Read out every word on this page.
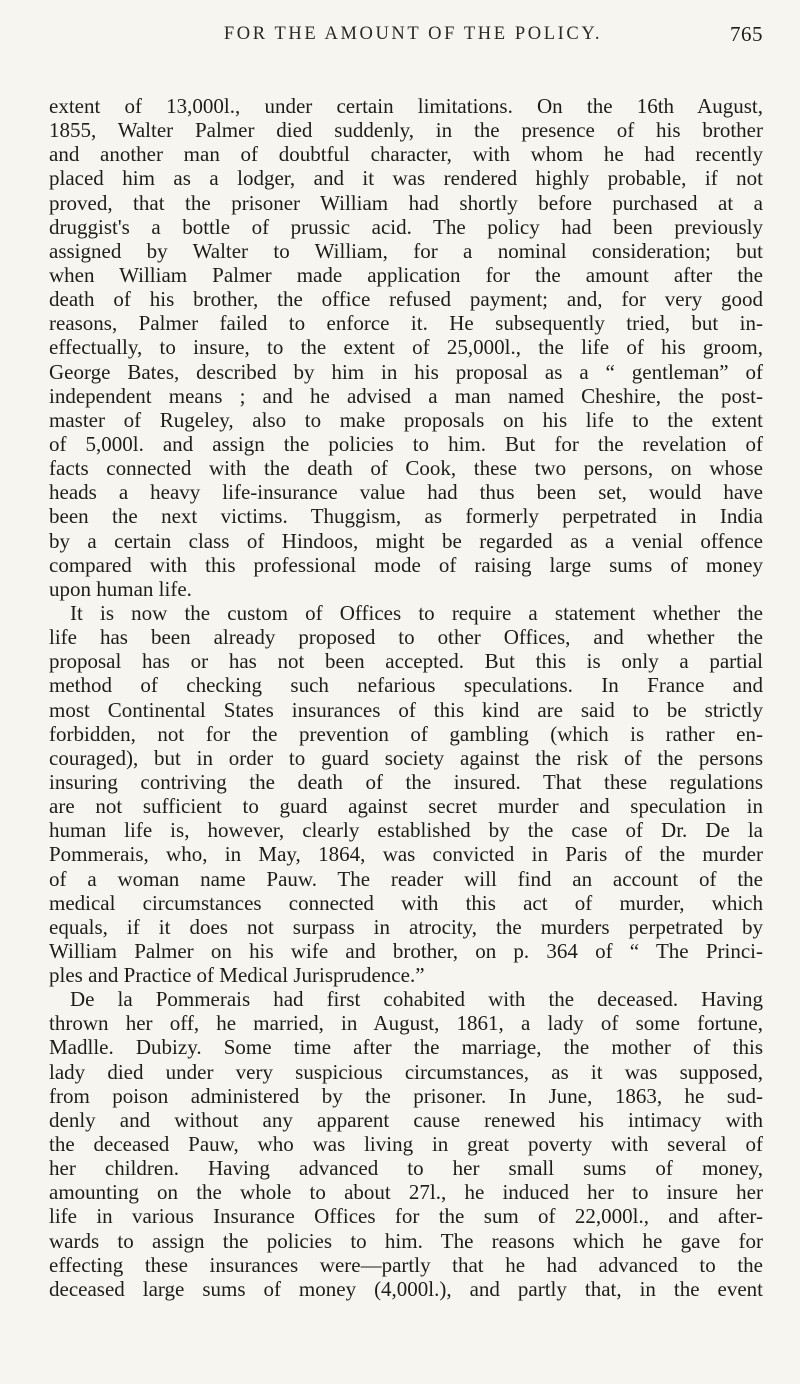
FOR THE AMOUNT OF THE POLICY.	765
extent of 13,000l., under certain limitations. On the 16th August,
1855, Walter Palmer died suddenly, in the presence of his brother
and another man of doubtful character, with whom he had recently
placed him as a lodger, and it was rendered highly probable, if not
proved, that the prisoner William had shortly before purchased at a
druggist's a bottle of prussic acid. The policy had been previously
assigned by Walter to William, for a nominal consideration; but
when William Palmer made application for the amount after the
death of his brother, the office refused payment; and, for very good
reasons, Palmer failed to enforce it. He subsequently tried, but in-
effectually, to insure, to the extent of 25,000l., the life of his groom,
George Bates, described by him in his proposal as a “ gentleman” of
independent means ; and he advised a man named Cheshire, the post-
master of Rugeley, also to make proposals on his life to the extent
of 5,000l. and assign the policies to him. But for the revelation of
facts connected with the death of Cook, these two persons, on whose
heads a heavy life-insurance value had thus been set, would have
been the next victims. Thuggism, as formerly perpetrated in India
by a certain class of Hindoos, might be regarded as a venial offence
compared with this professional mode of raising large sums of money
upon human life.
It is now the custom of Offices to require a statement whether the
life has been already proposed to other Offices, and whether the
proposal has or has not been accepted. But this is only a partial
method of checking such nefarious speculations. In France and
most Continental States insurances of this kind are said to be strictly
forbidden, not for the prevention of gambling (which is rather en-
couraged), but in order to guard society against the risk of the persons
insuring contriving the death of the insured. That these regulations
are not sufficient to guard against secret murder and speculation in
human life is, however, clearly established by the case of Dr. De la
Pommerais, who, in May, 1864, was convicted in Paris of the murder
of a woman name Pauw. The reader will find an account of the
medical circumstances connected with this act of murder, which
equals, if it does not surpass in atrocity, the murders perpetrated by
William Palmer on his wife and brother, on p. 364 of “ The Princi-
ples and Practice of Medical Jurisprudence.”
De la Pommerais had first cohabited with the deceased. Having
thrown her off, he married, in August, 1861, a lady of some fortune,
Madlle. Dubizy. Some time after the marriage, the mother of this
lady died under very suspicious circumstances, as it was supposed,
from poison administered by the prisoner. In June, 1863, he sud-
denly and without any apparent cause renewed his intimacy with
the deceased Pauw, who was living in great poverty with several of
her children. Having advanced to her small sums of money,
amounting on the whole to about 27l., he induced her to insure her
life in various Insurance Offices for the sum of 22,000l., and after-
wards to assign the policies to him. The reasons which he gave for
effecting these insurances were—partly that he had advanced to the
deceased large sums of money (4,000l.), and partly that, in the event
